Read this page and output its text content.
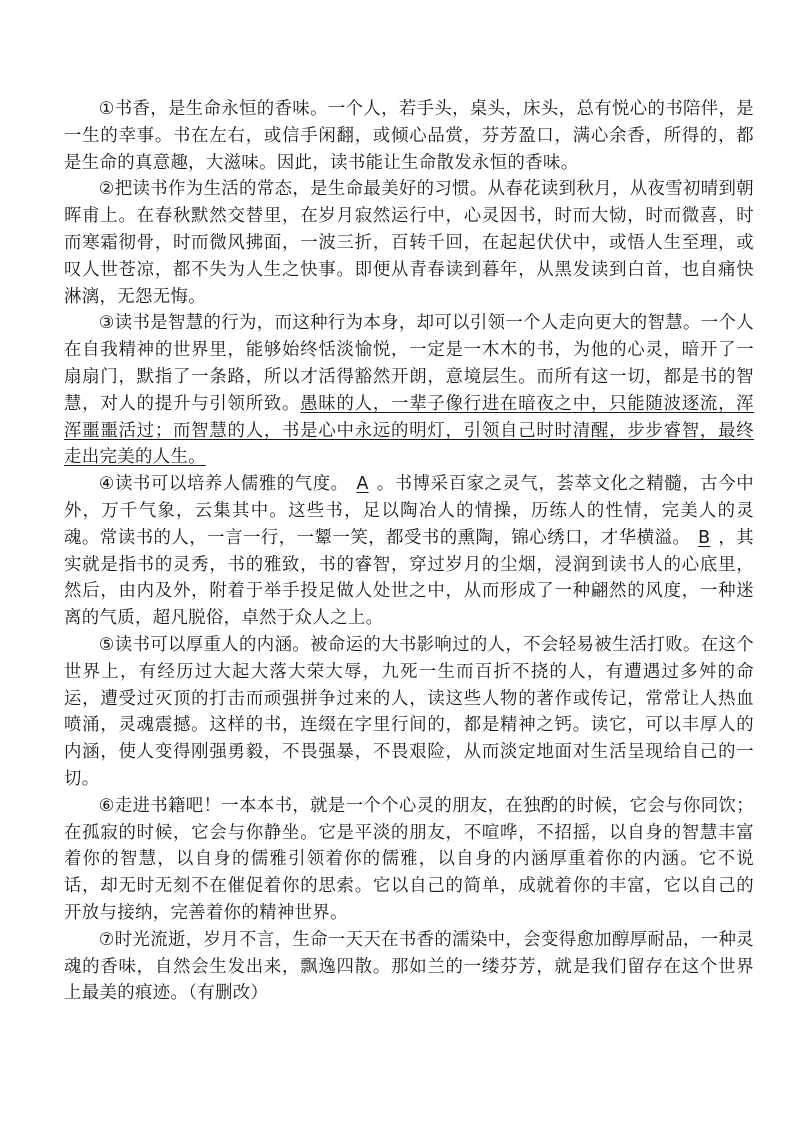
①书香，是生命永恒的香味。一个人，若手头，桌头，床头，总有悦心的书陪伴，是一生的幸事。书在左右，或信手闲翻，或倾心品赏，芬芳盈口，满心余香，所得的，都是生命的真意趣，大滋味。因此，读书能让生命散发永恒的香味。

②把读书作为生活的常态，是生命最美好的习惯。从春花读到秋月，从夜雪初晴到朝晖甫上。在春秋默然交替里，在岁月寂然运行中，心灵因书，时而大恸，时而微喜，时而寒霜彻骨，时而微风拂面，一波三折，百转千回，在起起伏伏中，或悟人生至理，或叹人世苍凉，都不失为人生之快事。即便从青春读到暮年，从黑发读到白首，也自痛快淋漓，无怨无悔。

③读书是智慧的行为，而这种行为本身，却可以引领一个人走向更大的智慧。一个人在自我精神的世界里，能够始终恬淡愉悦，一定是一木木的书，为他的心灵，暗开了一扇扇门，默指了一条路，所以才活得豁然开朗，意境层生。而所有这一切，都是书的智慧，对人的提升与引领所致。愚昧的人，一辈子像行进在暗夜之中，只能随波逐流，浑浑噩噩活过；而智慧的人，书是心中永远的明灯，引领自己时时清醒，步步睿智，最终走出完美的人生。

④读书可以培养人儒雅的气度。 A 。书博采百家之灵气，荟萃文化之精髓，古今中外，万千气象，云集其中。这些书，足以陶冶人的情操，历练人的性情，完美人的灵魂。常读书的人，一言一行，一颦一笑，都受书的熏陶，锦心绣口，才华横溢。 B ，其实就是指书的灵秀，书的雅致，书的睿智，穿过岁月的尘烟，浸润到读书人的心底里，然后，由内及外，附着于举手投足做人处世之中，从而形成了一种翩然的风度，一种迷离的气质，超凡脱俗，卓然于众人之上。

⑤读书可以厚重人的内涵。被命运的大书影响过的人，不会轻易被生活打败。在这个世界上，有经历过大起大落大荣大辱，九死一生而百折不挠的人，有遭遇过多舛的命运，遭受过灭顶的打击而顽强拼争过来的人，读这些人物的著作或传记，常常让人热血喷涌，灵魂震撼。这样的书，连缀在字里行间的，都是精神之钙。读它，可以丰厚人的内涵，使人变得刚强勇毅，不畏强暴，不畏艰险，从而淡定地面对生活呈现给自己的一切。

⑥走进书籍吧！一本本书，就是一个个心灵的朋友，在独酌的时候，它会与你同饮；在孤寂的时候，它会与你静坐。它是平淡的朋友，不喧哗，不招摇，以自身的智慧丰富着你的智慧，以自身的儒雅引领着你的儒雅，以自身的内涵厚重着你的内涵。它不说话，却无时无刻不在催促着你的思索。它以自己的简单，成就着你的丰富，它以自己的开放与接纳，完善着你的精神世界。

⑦时光流逝，岁月不言，生命一天天在书香的濡染中，会变得愈加醇厚耐品，一种灵魂的香味，自然会生发出来，飘逸四散。那如兰的一缕芬芳，就是我们留存在这个世界上最美的痕迹。（有删改）
